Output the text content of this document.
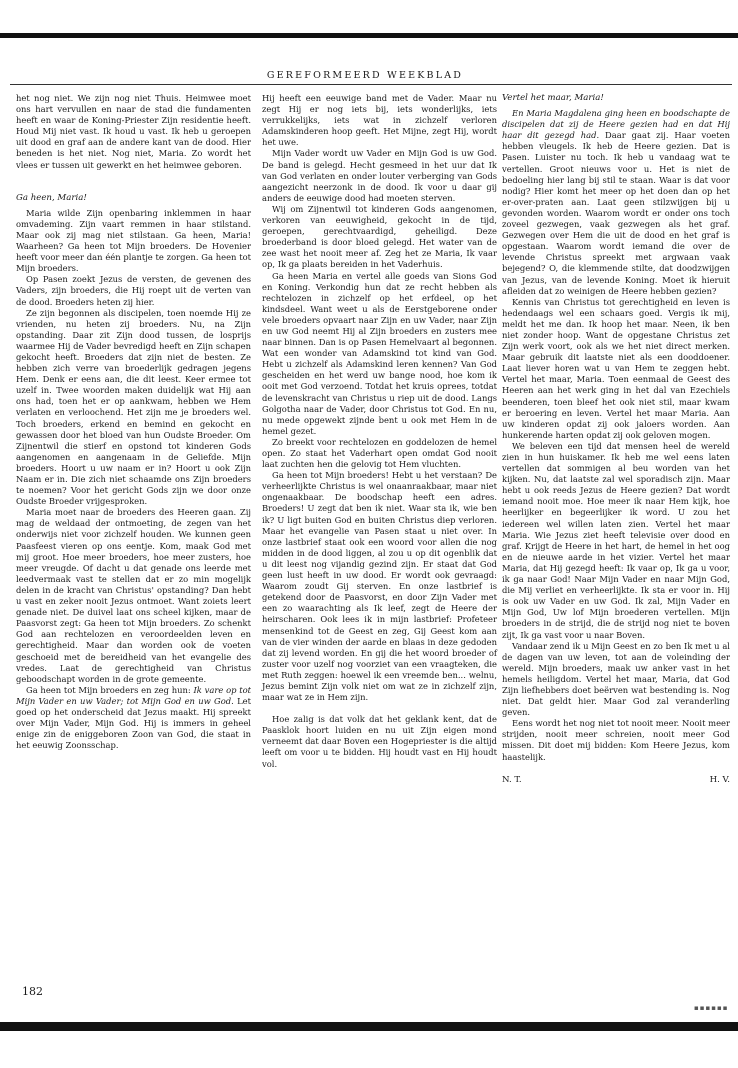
GEREFORMEERD WEEKBLAD

het nog niet. We zijn nog niet Thuis. Heimwee moet ons hart vervullen en naar de stad die fundamenten heeft en waar de Koning-Priester Zijn residentie heeft. Houd Mij niet vast. Ik houd u vast. Ik heb u geroepen uit dood en graf aan de andere kant van de dood. Hier beneden is het niet. Nog niet, Maria. Zo wordt het vlees er tussen uit gewerkt en het heimwee geboren.

Ga heen, Maria!

Maria wilde Zijn openbaring inklemmen in haar omvademing. Zijn vaart remmen in haar stilstand. Maar ook zij mag niet stilstaan. Ga heen, Maria! Waarheen? Ga heen tot Mijn broeders. De Hovenier heeft voor meer dan één plantje te zorgen. Ga heen tot Mijn broeders.

Op Pasen zoekt Jezus de versten, de gevenen des Vaders, zijn broeders, die Hij roept uit de verten van de dood. Broeders heten zij hier.

Ze zijn begonnen als discipelen, toen noemde Hij ze vrienden, nu heten zij broeders. Nu, na Zijn opstanding. Daar zit Zijn dood tussen, de losprijs waarmee Hij de Vader bevredigd heeft en Zijn schapen gekocht heeft. Broeders dat zijn niet de besten. Ze hebben zich verre van broederlijk gedragen jegens Hem. Denk er eens aan, die dit leest. Keer ermee tot uzelf in. Twee woorden maken duidelijk wat Hij aan ons had, toen het er op aankwam, hebben we Hem verlaten en verloochend. Het zijn me je broeders wel. Toch broeders, erkend en bemind en gekocht en gewassen door het bloed van hun Oudste Broeder. Om Zijnentwil die stierf en opstond tot kinderen Gods aangenomen en aangenaam in de Geliefde. Mijn broeders. Hoort u uw naam er in? Hoort u ook Zijn Naam er in. Die zich niet schaamde ons Zijn broeders te noemen? Voor het gericht Gods zijn we door onze Oudste Broeder vrijgesproken.

Maria moet naar de broeders des Heeren gaan. Zij mag de weldaad der ontmoeting, de zegen van het onderwijs niet voor zichzelf houden. We kunnen geen Paasfeest vieren op ons eentje. Kom, maak God met mij groot. Hoe meer broeders, hoe meer zusters, hoe meer vreugde. Of dacht u dat genade ons leerde met leedvermaak vast te stellen dat er zo min mogelijk delen in de kracht van Christus' opstanding? Dan hebt u vast en zeker nooit Jezus ontmoet. Want zoiets leert genade niet. De duivel laat ons scheel kijken, maar de Paasvorst zegt: Ga heen tot Mijn broeders. Zo schenkt God aan rechtelozen en veroordeelden leven en gerechtigheid. Maar dan worden ook de voeten geschoeid met de bereidheid van het evangelie des vredes. Laat de gerechtigheid van Christus geboodschapt worden in de grote gemeente.

Ga heen tot Mijn broeders en zeg hun: Ik vare op tot Mijn Vader en uw Vader; tot Mijn God en uw God. Let goed op het onderscheid dat Jezus maakt. Hij spreekt over Mijn Vader, Mijn God. Hij is immers in geheel enige zin de eniggeboren Zoon van God, die staat in het eeuwig Zoonsschap.

Hij heeft een eeuwige band met de Vader. Maar nu zegt Hij er nog iets bij, iets wonderlijks, iets verrukkelijks, iets wat in zichzelf verloren Adamskinderen hoop geeft. Het Mijne, zegt Hij, wordt het uwe.

Mijn Vader wordt uw Vader en Mijn God is uw God. De band is gelegd. Hecht gesmeed in het uur dat Ik van God verlaten en onder louter verberging van Gods aangezicht neerzonk in de dood. Ik voor u daar gij anders de eeuwige dood had moeten sterven.

Wij om Zijnentwil tot kinderen Gods aangenomen, verkoren van eeuwigheid, gekocht in de tijd, geroepen, gerechtvaardigd, geheiligd. Deze broederband is door bloed gelegd. Het water van de zee wast het nooit meer af. Zeg het ze Maria, Ik vaar op, Ik ga plaats bereiden in het Vaderhuis.

Ga heen Maria en vertel alle goeds van Sions God en Koning. Verkondig hun dat ze recht hebben als rechtelozen in zichzelf op het erfdeel, op het kindsdeel. Want weet u als de Eerstgeborene onder vele broeders opvaart naar Zijn en uw Vader, naar Zijn en uw God neemt Hij al Zijn broeders en zusters mee naar binnen. Dan is op Pasen Hemelvaart al begonnen. Wat een wonder van Adamskind tot kind van God. Hebt u zichzelf als Adamskind leren kennen? Van God gescheiden en het werd uw bange nood, hoe kom ik ooit met God verzoend. Totdat het kruis oprees, totdat de levenskracht van Christus u riep uit de dood. Langs Golgotha naar de Vader, door Christus tot God. En nu, nu mede opgewekt zijnde bent u ook met Hem in de hemel gezet.

Zo breekt voor rechtelozen en goddelozen de hemel open. Zo staat het Vaderhart open omdat God nooit laat zuchten hen die gelovig tot Hem vluchten.

Ga heen tot Mijn broeders! Hebt u het verstaan? De verheerlijkte Christus is wel onaanraakbaar, maar niet ongenaakbaar. De boodschap heeft een adres. Broeders! U zegt dat ben ik niet. Waar sta ik, wie ben ik? U ligt buiten God en buiten Christus diep verloren. Maar het evangelie van Pasen staat u niet over. In onze lastbrief staat ook een woord voor allen die nog midden in de dood liggen, al zou u op dit ogenblik dat u dit leest nog vijandig gezind zijn. Er staat dat God geen lust heeft in uw dood. Er wordt ook gevraagd: Waarom zoudt Gij sterven. En onze lastbrief is getekend door de Paasvorst, en door Zijn Vader met een zo waarachting als Ik leef, zegt de Heere der heirscharen. Ook lees ik in mijn lastbrief: Profeteer mensenkind tot de Geest en zeg, Gij Geest kom aan van de vier winden der aarde en blaas in deze gedoden dat zij levend worden. En gij die het woord broeder of zuster voor uzelf nog voorziet van een vraagteken, die met Ruth zeggen: hoewel ik een vreemde ben... welnu, Jezus bemint Zijn volk niet om wat ze in zichzelf zijn, maar wat ze in Hem zijn.

Hoe zalig is dat volk dat het geklank kent, dat de Paasklok hoort luiden en nu uit Zijn eigen mond verneemt dat daar Boven een Hogepriester is die altijd leeft om voor u te bidden. Hij houdt vast en Hij houdt vol.

Vertel het maar, Maria!

En Maria Magdalena ging heen en boodschapte de discipelen dat zij de Heere gezien had en dat Hij haar dit gezegd had. Daar gaat zij. Haar voeten hebben vleugels. Ik heb de Heere gezien. Dat is Pasen. Luister nu toch. Ik heb u vandaag wat te vertellen. Groot nieuws voor u. Het is niet de bedoeling hier lang bij stil te staan. Waar is dat voor nodig? Hier komt het meer op het doen dan op het er-over-praten aan. Laat geen stilzwijgen bij u gevonden worden. Waarom wordt er onder ons toch zoveel gezwegen, vaak gezwegen als het graf. Gezwegen over Hem die uit de dood en het graf is opgestaan. Waarom wordt iemand die over de levende Christus spreekt met argwaan vaak bejegend? O, die klemmende stilte, dat doodzwijgen van Jezus, van de levende Koning. Moet ik hieruit afleiden dat zo weinigen de Heere hebben gezien?

Kennis van Christus tot gerechtigheid en leven is hedendaags wel een schaars goed. Vergis ik mij, meldt het me dan. Ik hoop het maar. Neen, ik ben niet zonder hoop. Want de opgestane Christus zet Zijn werk voort, ook als we het niet direct merken. Maar gebruik dit laatste niet als een dooddoener. Laat liever horen wat u van Hem te zeggen hebt. Vertel het maar, Maria. Toen eenmaal de Geest des Heeren aan het werk ging in het dal van Ezechiels beenderen, toen bleef het ook niet stil, maar kwam er beroering en leven. Vertel het maar Maria. Aan uw kinderen opdat zij ook jaloers worden. Aan hunkerende harten opdat zij ook geloven mogen.

We beleven een tijd dat mensen heel de wereld zien in hun huiskamer. Ik heb me wel eens laten vertellen dat sommigen al beu worden van het kijken. Nu, dat laatste zal wel sporadisch zijn. Maar hebt u ook reeds Jezus de Heere gezien? Dat wordt iemand nooit moe. Hoe meer ik naar Hem kijk, hoe heerlijker en begeerlijker ik word. U zou het iedereen wel willen laten zien. Vertel het maar Maria. Wie Jezus ziet heeft televisie over dood en graf. Krijgt de Heere in het hart, de hemel in het oog en de nieuwe aarde in het vizier. Vertel het maar Maria, dat Hij gezegd heeft: Ik vaar op, Ik ga u voor, ik ga naar God! Naar Mijn Vader en naar Mijn God, die Mij verliet en verheerlijkte. Ik sta er voor in. Hij is ook uw Vader en uw God. Ik zal, Mijn Vader en Mijn God, Uw lof Mijn broederen vertellen. Mijn broeders in de strijd, die de strijd nog niet te boven zijt, Ik ga vast voor u naar Boven.

Vandaar zend ik u Mijn Geest en zo ben Ik met u al de dagen van uw leven, tot aan de voleinding der wereld. Mijn broeders, maak uw anker vast in het hemels heiligdom. Vertel het maar, Maria, dat God Zijn liefhebbers doet beërven wat bestending is. Nog niet. Dat geldt hier. Maar God zal veranderling geven.

Eens wordt het nog niet tot nooit meer. Nooit meer strijden, nooit meer schreien, nooit meer God missen. Dit doet mij bidden: Kom Heere Jezus, kom haastelijk.

N. T.	H. V.
182
▪▪▪▪▪▪
